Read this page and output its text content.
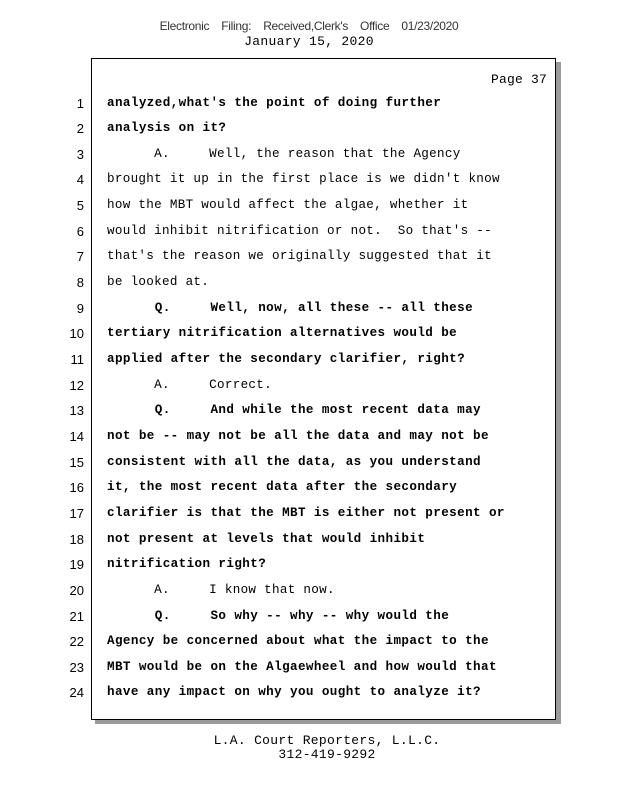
Electronic Filing: Received,Clerk's Office 01/23/2020
January 15, 2020
Page 37
1 analyzed,what's the point of doing further
2 analysis on it?
3 A.     Well, the reason that the Agency
4 brought it up in the first place is we didn't know
5 how the MBT would affect the algae, whether it
6 would inhibit nitrification or not.  So that's --
7 that's the reason we originally suggested that it
8 be looked at.
9 Q.     Well, now, all these -- all these
10 tertiary nitrification alternatives would be
11 applied after the secondary clarifier, right?
12 A.     Correct.
13 Q.     And while the most recent data may
14 not be -- may not be all the data and may not be
15 consistent with all the data, as you understand
16 it, the most recent data after the secondary
17 clarifier is that the MBT is either not present or
18 not present at levels that would inhibit
19 nitrification right?
20 A.     I know that now.
21 Q.     So why -- why -- why would the
22 Agency be concerned about what the impact to the
23 MBT would be on the Algaewheel and how would that
24 have any impact on why you ought to analyze it?
L.A. Court Reporters, L.L.C.
312-419-9292
